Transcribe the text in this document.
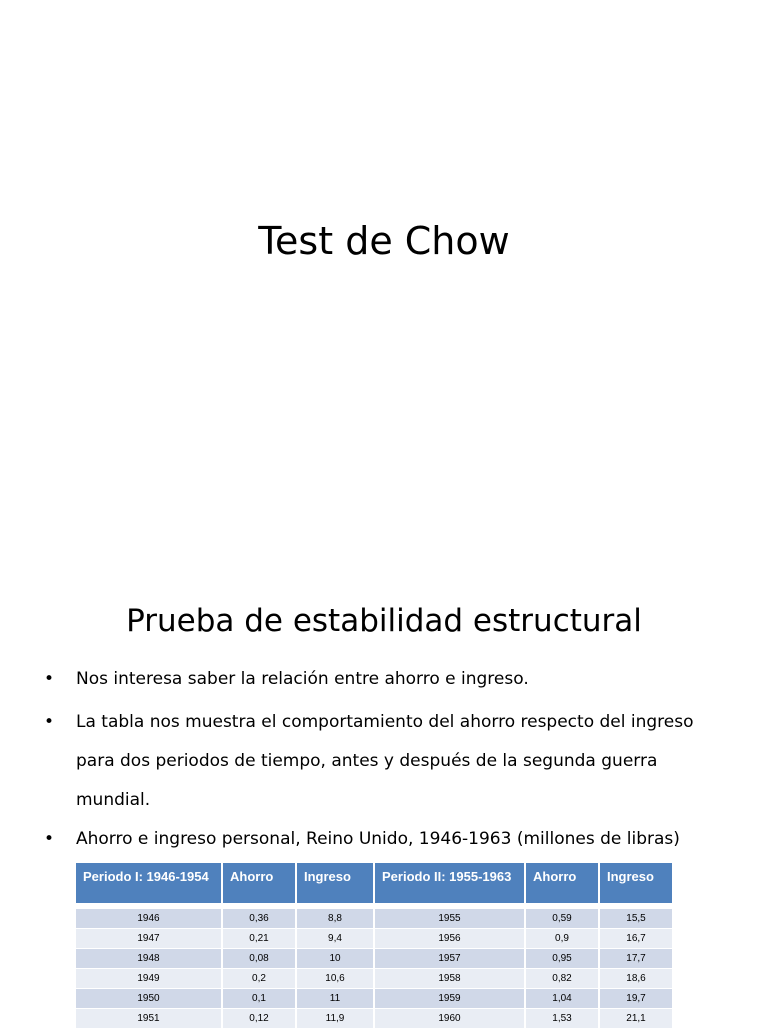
Test de Chow
Prueba de estabilidad estructural
• Nos interesa saber la relación entre ahorro e ingreso.
• La tabla nos muestra el comportamiento del ahorro respecto del ingreso para dos periodos de tiempo, antes y después de la segunda guerra mundial.
• Ahorro e ingreso personal, Reino Unido, 1946-1963 (millones de libras)
Periodo I: 1946-1954	Ahorro	Ingreso	Periodo II: 1955-1963	Ahorro	Ingreso

1946	0,36	8,8	1955	0,59	15,5
1947	0,21	9,4	1956	0,9	16,7
1948	0,08	10	1957	0,95	17,7
1949	0,2	10,6	1958	0,82	18,6
1950	0,1	11	1959	1,04	19,7
1951	0,12	11,9	1960	1,53	21,1
